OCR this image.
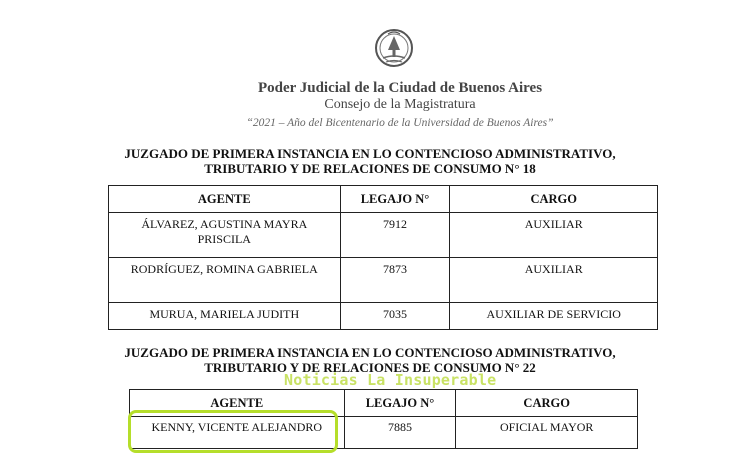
Poder Judicial de la Ciudad de Buenos Aires
Consejo de la Magistratura
“2021 – Año del Bicentenario de la Universidad de Buenos Aires”
JUZGADO DE PRIMERA INSTANCIA EN LO CONTENCIOSO ADMINISTRATIVO,
TRIBUTARIO Y DE RELACIONES DE CONSUMO N° 18
AGENTE	LEGAJO N°	CARGO
ÁLVAREZ, AGUSTINA MAYRA PRISCILA	7912	AUXILIAR
RODRÍGUEZ, ROMINA GABRIELA	7873	AUXILIAR
MURUA, MARIELA JUDITH	7035	AUXILIAR DE SERVICIO
JUZGADO DE PRIMERA INSTANCIA EN LO CONTENCIOSO ADMINISTRATIVO,
TRIBUTARIO Y DE RELACIONES DE CONSUMO N° 22
AGENTE	LEGAJO N°	CARGO
KENNY, VICENTE ALEJANDRO	7885	OFICIAL MAYOR
Noticias La Insuperable
